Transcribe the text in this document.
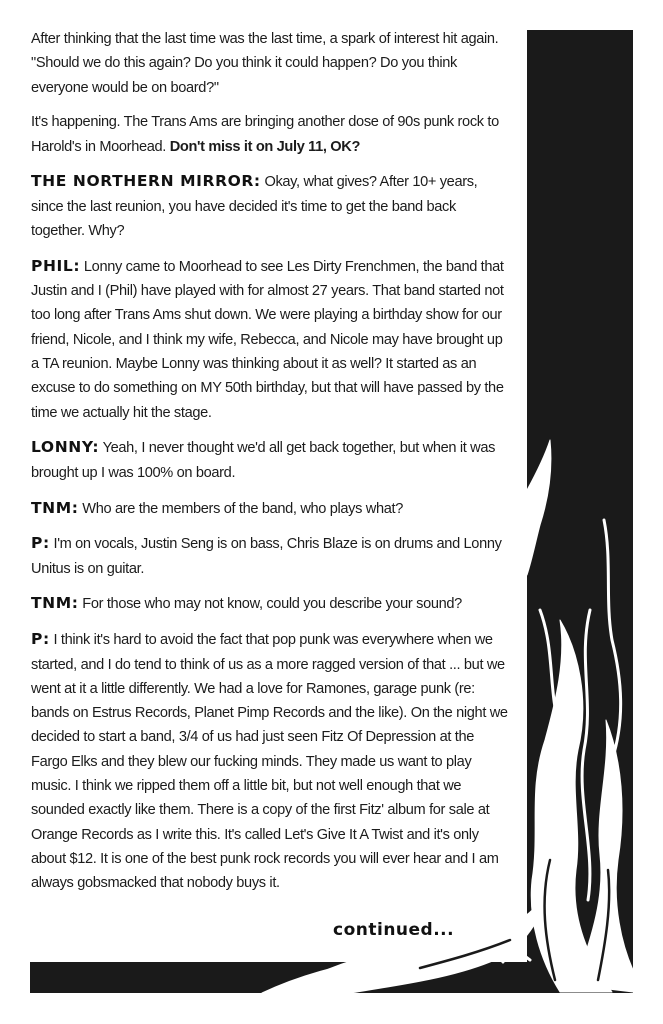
After thinking that the last time was the last time, a spark of interest hit again. "Should we do this again? Do you think it could happen? Do you think everyone would be on board?"

It's happening. The Trans Ams are bringing another dose of 90s punk rock to Harold's in Moorhead. Don't miss it on July 11, OK?

THE NORTHERN MIRROR: Okay, what gives? After 10+ years, since the last reunion, you have decided it's time to get the band back together. Why?

PHIL: Lonny came to Moorhead to see Les Dirty Frenchmen, the band that Justin and I (Phil) have played with for almost 27 years. That band started not too long after Trans Ams shut down. We were playing a birthday show for our friend, Nicole, and I think my wife, Rebecca, and Nicole may have brought up a TA reunion. Maybe Lonny was thinking about it as well? It started as an excuse to do something on MY 50th birthday, but that will have passed by the time we actually hit the stage.

LONNY: Yeah, I never thought we'd all get back together, but when it was brought up I was 100% on board.

TNM: Who are the members of the band, who plays what?

P: I'm on vocals, Justin Seng is on bass, Chris Blaze is on drums and Lonny Unitus is on guitar.

TNM: For those who may not know, could you describe your sound?

P: I think it's hard to avoid the fact that pop punk was everywhere when we started, and I do tend to think of us as a more ragged version of that ... but we went at it a little differently. We had a love for Ramones, garage punk (re: bands on Estrus Records, Planet Pimp Records and the like). On the night we decided to start a band, 3/4 of us had just seen Fitz Of Depression at the Fargo Elks and they blew our fucking minds. They made us want to play music. I think we ripped them off a little bit, but not well enough that we sounded exactly like them. There is a copy of the first Fitz' album for sale at Orange Records as I write this. It's called Let's Give It A Twist and it's only about $12. It is one of the best punk rock records you will ever hear and I am always gobsmacked that nobody buys it.

continued...
